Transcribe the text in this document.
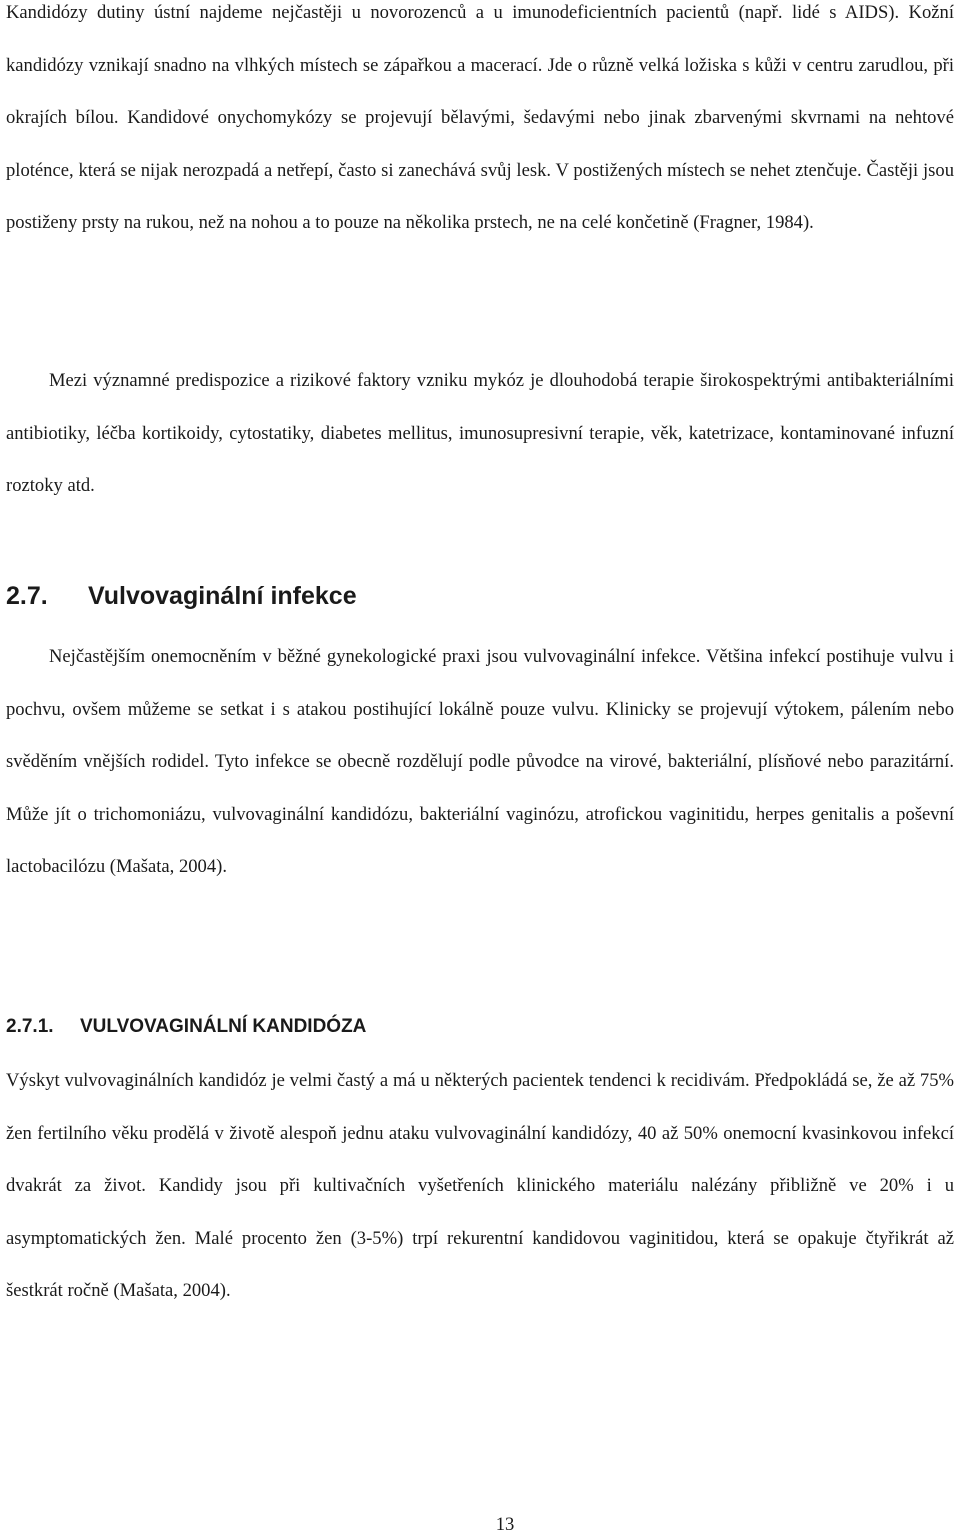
Kandidózy dutiny ústní najdeme nejčastěji u novorozenců a u imunodeficientních pacientů (např. lidé s AIDS). Kožní kandidózy vznikají snadno na vlhkých místech se zápařkou a macerací. Jde o různě velká ložiska s kůži v centru zarudlou, při okrajích bílou. Kandidové onychomykózy se projevují bělavými, šedavými nebo jinak zbarvenými skvrnami na nehtové ploténce, která se nijak nerozpadá a netřepí, často si zanechává svůj lesk. V postižených místech se nehet ztenčuje. Častěji jsou postiženy prsty na rukou, než na nohou a to pouze na několika prstech, ne na celé končetině (Fragner, 1984).

Mezi významné predispozice a rizikové faktory vzniku mykóz je dlouhodobá terapie širokospektrými antibakteriálními antibiotiky, léčba kortikoidy, cytostatiky, diabetes mellitus, imunosupresivní terapie, věk, katetrizace, kontaminované infuzní roztoky atd.

2.7. Vulvovaginální infekce

Nejčastějším onemocněním v běžné gynekologické praxi jsou vulvovaginální infekce. Většina infekcí postihuje vulvu i pochvu, ovšem můžeme se setkat i s atakou postihující lokálně pouze vulvu. Klinicky se projevují výtokem, pálením nebo svěděním vnějších rodidel. Tyto infekce se obecně rozdělují podle původce na virové, bakteriální, plísňové nebo parazitární. Může jít o trichomoniázu, vulvovaginální kandidózu, bakteriální vaginózu, atrofickou vaginitidu, herpes genitalis a poševní lactobacilózu (Mašata, 2004).

2.7.1. VULVOVAGINÁLNÍ KANDIDÓZA

Výskyt vulvovaginálních kandidóz je velmi častý a má u některých pacientek tendenci k recidivám. Předpokládá se, že až 75% žen fertilního věku prodělá v životě alespoň jednu ataku vulvovaginální kandidózy, 40 až 50% onemocní kvasinkovou infekcí dvakrát za život. Kandidy jsou při kultivačních vyšetřeních klinického materiálu nalézány přibližně ve 20% i u asymptomatických žen. Malé procento žen (3-5%) trpí rekurentní kandidovou vaginitidou, která se opakuje čtyřikrát až šestkrát ročně (Mašata, 2004).

13
